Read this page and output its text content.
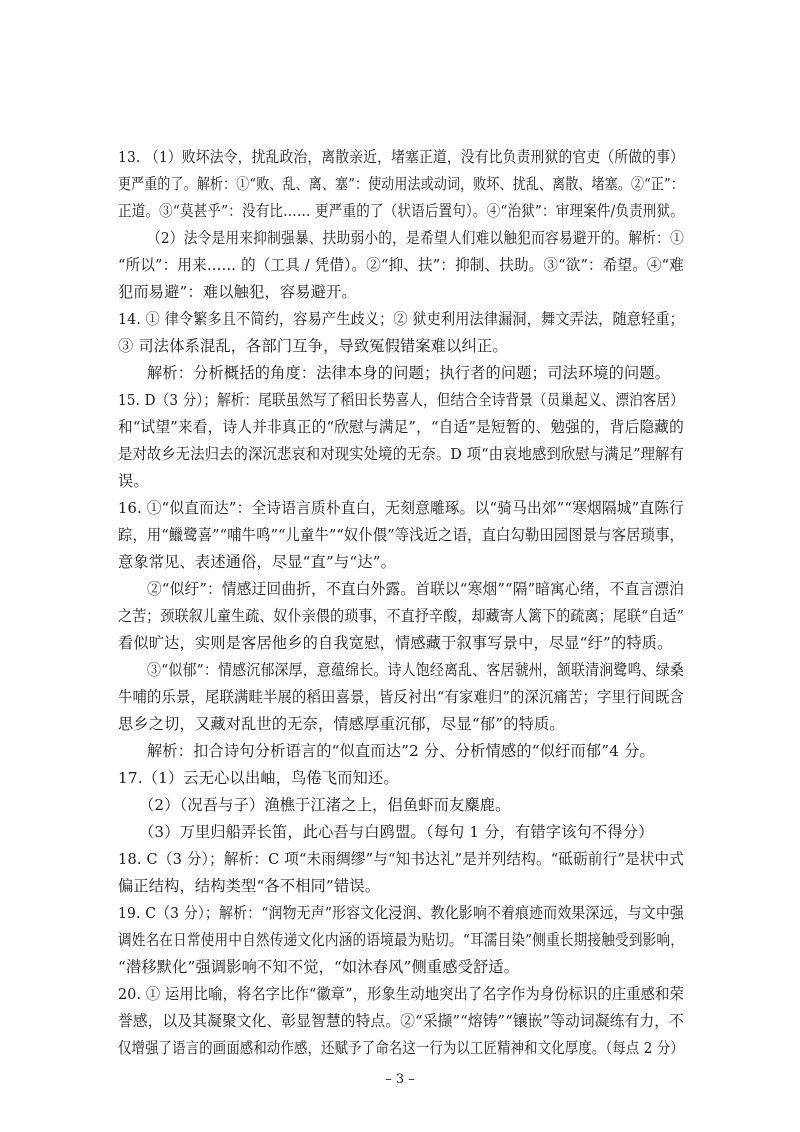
13. （1）败坏法令，扰乱政治，离散亲近，堵塞正道，没有比负责刑狱的官吏（所做的事）
更严重的了。解析：①“败、乱、离、塞”：使动用法或动词，败坏、扰乱、离散、堵塞。②“正”：
正道。③“莫甚乎”：没有比…… 更严重的了（状语后置句）。④“治狱”：审理案件/负责刑狱。
（2）法令是用来抑制强暴、扶助弱小的，是希望人们难以触犯而容易避开的。解析：①
“所以”：用来…… 的（工具 / 凭借）。②“抑、扶”：抑制、扶助。③“欲”：希望。④“难
犯而易避”：难以触犯，容易避开。
14. ① 律令繁多且不简约，容易产生歧义；② 狱吏利用法律漏洞，舞文弄法，随意轻重；
③ 司法体系混乱，各部门互争，导致冤假错案难以纠正。
解析：分析概括的角度：法律本身的问题；执行者的问题；司法环境的问题。
15. D（3 分）；解析：尾联虽然写了稻田长势喜人，但结合全诗背景（员巢起义、漂泊客居）
和“试望”来看，诗人并非真正的“欣慰与满足”，“自适”是短暂的、勉强的，背后隐藏的
是对故乡无法归去的深沉悲哀和对现实处境的无奈。D 项“由哀地感到欣慰与满足”理解有
误。
16. ①“似直而达”：全诗语言质朴直白，无刻意雕琢。以“骑马出郊”“寒烟隔城”直陈行
踪，用“鱲鹭喜”“哺牛鸣”“儿童牛”“奴仆偎”等浅近之语，直白勾勒田园图景与客居琐事，
意象常见、表述通俗，尽显“直”与“达”。
②“似纡”：情感迂回曲折，不直白外露。首联以“寒烟”“隔”暗寓心绪，不直言漂泊
之苦；颈联叙儿童生疏、奴仆亲偎的琐事，不直抒辛酸，却藏寄人篱下的疏离；尾联“自适”
看似旷达，实则是客居他乡的自我宽慰，情感藏于叙事写景中，尽显“纡”的特质。
③“似郁”：情感沉郁深厚，意蕴绵长。诗人饱经离乱、客居虢州，颔联清涧鹭鸣、绿桑
牛哺的乐景，尾联满畦半展的稻田喜景，皆反衬出“有家难归”的深沉痛苦；字里行间既含
思乡之切，又藏对乱世的无奈，情感厚重沉郁，尽显“郁”的特质。
解析：扣合诗句分析语言的“似直而达”2 分、分析情感的“似纡而郁”4 分。
17.（1）云无心以出岫，鸟倦飞而知还。
（2）（况吾与子）渔樵于江渚之上，侣鱼虾而友麋鹿。
（3）万里归船弄长笛，此心吾与白鸥盟。（每句 1 分，有错字该句不得分）
18. C（3 分）；解析：C 项“未雨绸缪”与“知书达礼”是并列结构。“砥砺前行”是状中式
偏正结构，结构类型“各不相同”错误。
19. C（3 分）；解析：“润物无声”形容文化浸润、教化影响不着痕迹而效果深远，与文中强
调姓名在日常使用中自然传递文化内涵的语境最为贴切。“耳濡目染”侧重长期接触受到影响，
“潜移默化”强调影响不知不觉，“如沐春风”侧重感受舒适。
20. ① 运用比喻，将名字比作“徽章”，形象生动地突出了名字作为身份标识的庄重感和荣
誉感，以及其凝聚文化、彰显智慧的特点。②“采撷”“熔铸”“镶嵌”等动词凝练有力，不
仅增强了语言的画面感和动作感，还赋予了命名这一行为以工匠精神和文化厚度。（每点 2 分）
– 3 –
